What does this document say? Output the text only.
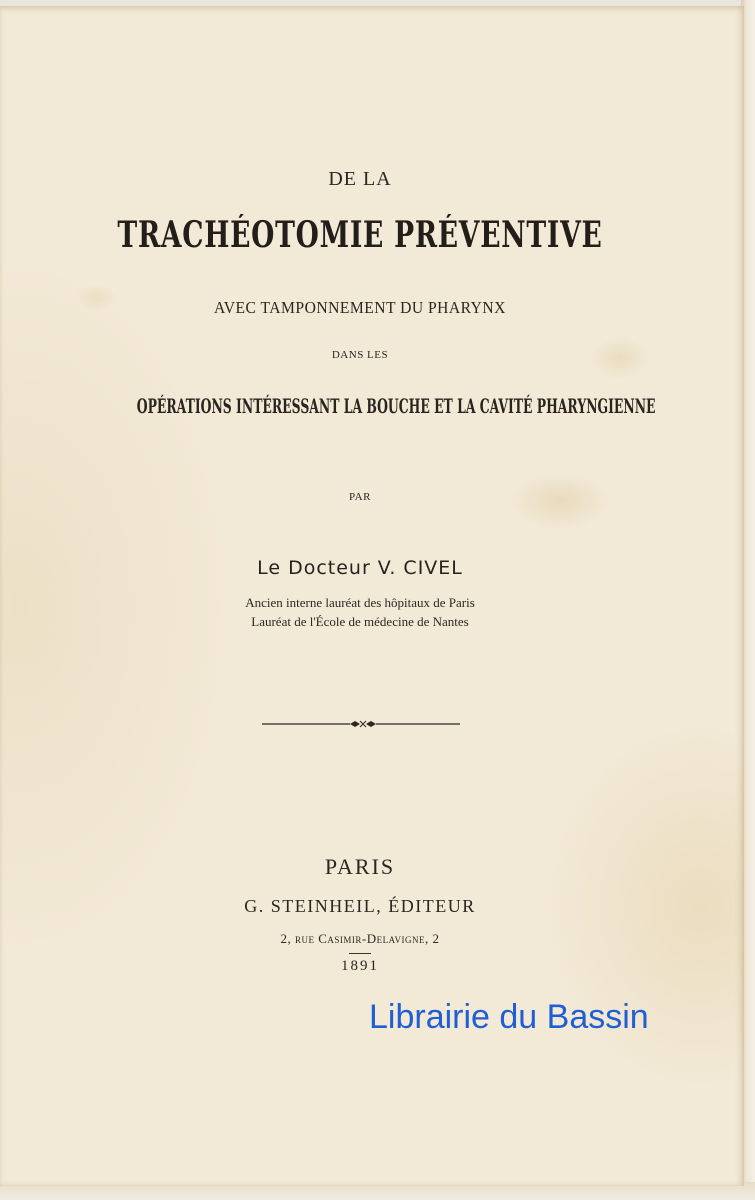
DE LA
TRACHÉOTOMIE PRÉVENTIVE
AVEC TAMPONNEMENT DU PHARYNX
DANS LES
OPÉRATIONS INTÉRESSANT LA BOUCHE ET LA CAVITÉ PHARYNGIENNE
PAR
Le Docteur V. CIVEL
Ancien interne lauréat des hôpitaux de Paris
Lauréat de l'École de médecine de Nantes
PARIS
G. STEINHEIL, ÉDITEUR
2, rue Casimir-Delavigne, 2
1891
Librairie du Bassin
